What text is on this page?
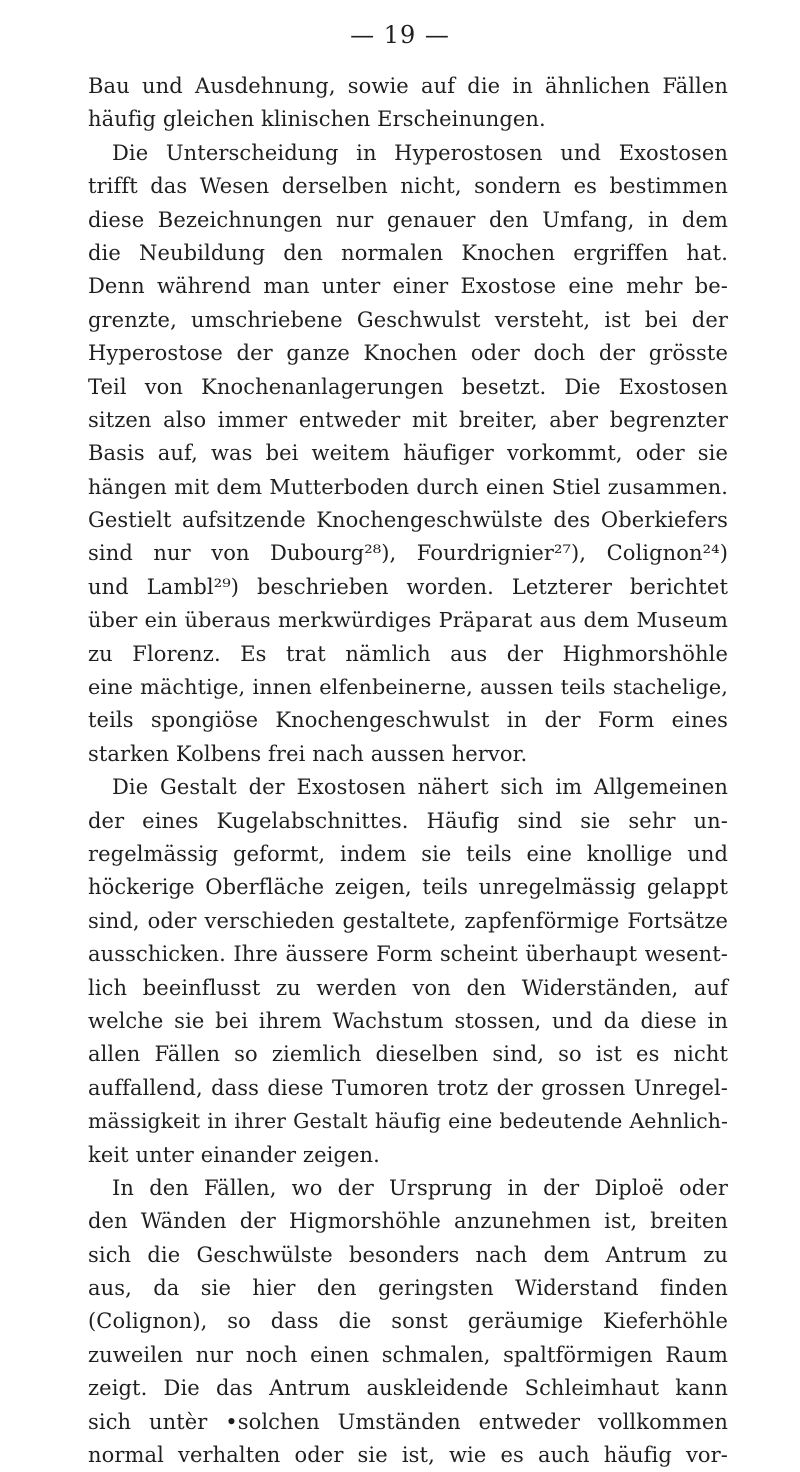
— 19 —
Bau und Ausdehnung, sowie auf die in ähnlichen Fällen
häufig gleichen klinischen Erscheinungen.
Die Unterscheidung in Hyperostosen und Exostosen
trifft das Wesen derselben nicht, sondern es bestimmen
diese Bezeichnungen nur genauer den Umfang, in dem
die Neubildung den normalen Knochen ergriffen hat.
Denn während man unter einer Exostose eine mehr be-
grenzte, umschriebene Geschwulst versteht, ist bei der
Hyperostose der ganze Knochen oder doch der grösste
Teil von Knochenanlagerungen besetzt. Die Exostosen
sitzen also immer entweder mit breiter, aber begrenzter
Basis auf, was bei weitem häufiger vorkommt, oder sie
hängen mit dem Mutterboden durch einen Stiel zusammen.
Gestielt aufsitzende Knochengeschwülste des Oberkiefers
sind nur von Dubourg²⁸), Fourdrignier²⁷), Colignon²⁴)
und Lambl²⁹) beschrieben worden. Letzterer berichtet
über ein überaus merkwürdiges Präparat aus dem Museum
zu Florenz. Es trat nämlich aus der Highmorshöhle
eine mächtige, innen elfenbeinerne, aussen teils stachelige,
teils spongiöse Knochengeschwulst in der Form eines
starken Kolbens frei nach aussen hervor.
Die Gestalt der Exostosen nähert sich im Allgemeinen
der eines Kugelabschnittes. Häufig sind sie sehr un-
regelmässig geformt, indem sie teils eine knollige und
höckerige Oberfläche zeigen, teils unregelmässig gelappt
sind, oder verschieden gestaltete, zapfenförmige Fortsätze
ausschicken. Ihre äussere Form scheint überhaupt wesent-
lich beeinflusst zu werden von den Widerständen, auf
welche sie bei ihrem Wachstum stossen, und da diese in
allen Fällen so ziemlich dieselben sind, so ist es nicht
auffallend, dass diese Tumoren trotz der grossen Unregel-
mässigkeit in ihrer Gestalt häufig eine bedeutende Aehnlich-
keit unter einander zeigen.
In den Fällen, wo der Ursprung in der Diploë oder
den Wänden der Higmorshöhle anzunehmen ist, breiten
sich die Geschwülste besonders nach dem Antrum zu
aus, da sie hier den geringsten Widerstand finden
(Colignon), so dass die sonst geräumige Kieferhöhle
zuweilen nur noch einen schmalen, spaltförmigen Raum
zeigt. Die das Antrum auskleidende Schleimhaut kann
sich untèr •solchen Umständen entweder vollkommen
normal verhalten oder sie ist, wie es auch häufig vor-
